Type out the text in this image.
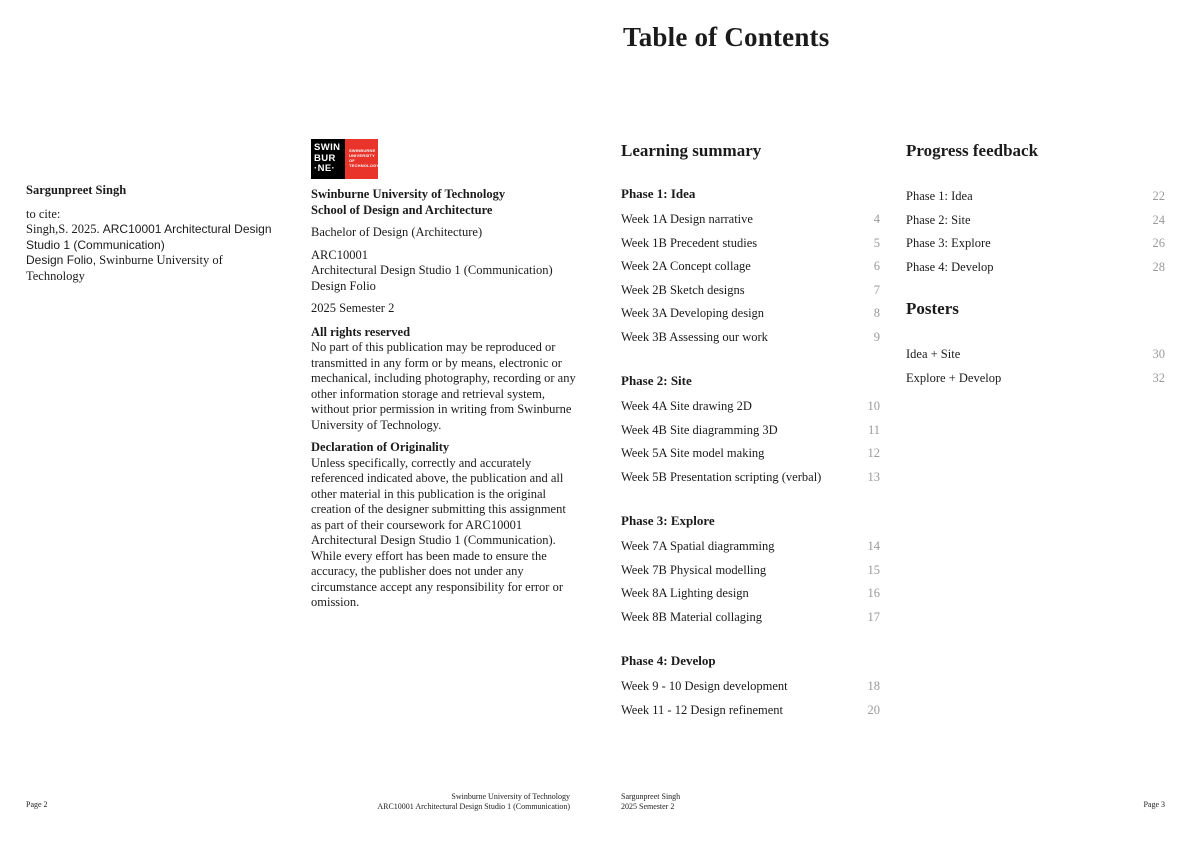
Table of Contents
Sargunpreet Singh
to cite:
Singh,S. 2025. ARC10001 Architectural Design Studio 1 (Communication)
Design Folio, Swinburne University of Technology
SWIN
BUR
·NE·
SWINBURNE
UNIVERSITY OF
TECHNOLOGY

Swinburne University of Technology
School of Design and Architecture

Bachelor of Design (Architecture)

ARC10001
Architectural Design Studio 1 (Communication)
Design Folio

2025 Semester 2

All rights reserved
No part of this publication may be reproduced or transmitted in any form or by means, electronic or mechanical, including photography, recording or any other information storage and retrieval system, without prior permission in writing from Swinburne University of Technology.

Declaration of Originality
Unless specifically, correctly and accurately referenced indicated above, the publication and all other material in this publication is the original creation of the designer submitting this assignment as part of their coursework for ARC10001 Architectural Design Studio 1 (Communication). While every effort has been made to ensure the accuracy, the publisher does not under any circumstance accept any responsibility for error or omission.

Learning summary
Phase 1: Idea
Week 1A Design narrative	4
Week 1B Precedent studies	5
Week 2A Concept collage	6
Week 2B Sketch designs	7
Week 3A Developing design	8
Week 3B Assessing our work	9
Phase 2: Site
Week 4A Site drawing 2D	10
Week 4B Site diagramming 3D	11
Week 5A Site model making	12
Week 5B Presentation scripting (verbal)	13
Phase 3: Explore
Week 7A Spatial diagramming	14
Week 7B Physical modelling	15
Week 8A Lighting design	16
Week 8B Material collaging	17
Phase 4: Develop
Week 9 - 10 Design development	18
Week 11 - 12 Design refinement	20
Progress feedback
Phase 1: Idea	22
Phase 2: Site	24
Phase 3: Explore	26
Phase 4: Develop	28
Posters
Idea + Site	30
Explore + Develop	32
Page 2
Swinburne University of Technology
ARC10001 Architectural Design Studio 1 (Communication)
Sargunpreet Singh
2025 Semester 2	Page 3
